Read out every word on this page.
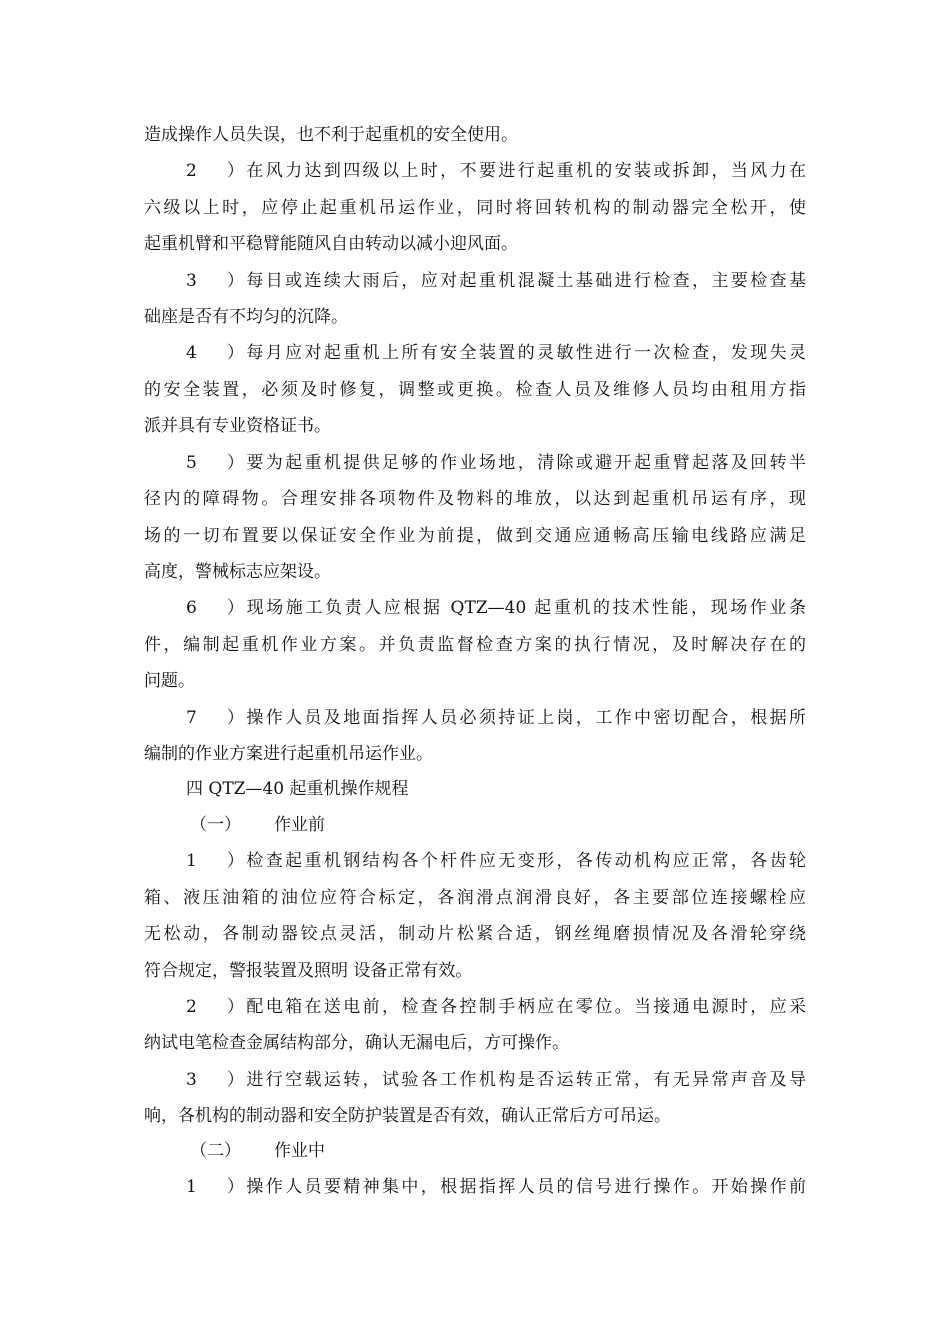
造成操作人员失误，也不利于起重机的安全使用。
2）在风力达到四级以上时，不要进行起重机的安装或拆卸，当风力在
六级以上时，应停止起重机吊运作业，同时将回转机构的制动器完全松开，使
起重机臂和平稳臂能随风自由转动以减小迎风面。
3）每日或连续大雨后，应对起重机混凝土基础进行检查，主要检查基
础座是否有不均匀的沉降。
4）每月应对起重机上所有安全装置的灵敏性进行一次检查，发现失灵
的安全装置，必须及时修复，调整或更换。检查人员及维修人员均由租用方指
派并具有专业资格证书。
5）要为起重机提供足够的作业场地，清除或避开起重臂起落及回转半
径内的障碍物。合理安排各项物件及物料的堆放，以达到起重机吊运有序，现
场的一切布置要以保证安全作业为前提，做到交通应通畅高压输电线路应满足
高度，警械标志应架设。
6）现场施工负责人应根据 QTZ—40 起重机的技术性能，现场作业条
件，编制起重机作业方案。并负责监督检查方案的执行情况，及时解决存在的
问题。
7）操作人员及地面指挥人员必须持证上岗，工作中密切配合，根据所
编制的作业方案进行起重机吊运作业。
四 QTZ—40 起重机操作规程
（一） 作业前
1）检查起重机钢结构各个杆件应无变形，各传动机构应正常，各齿轮
箱、液压油箱的油位应符合标定，各润滑点润滑良好，各主要部位连接螺栓应
无松动，各制动器铰点灵活，制动片松紧合适，钢丝绳磨损情况及各滑轮穿绕
符合规定，警报装置及照明 设备正常有效。
2）配电箱在送电前，检查各控制手柄应在零位。当接通电源时，应采
纳试电笔检查金属结构部分，确认无漏电后，方可操作。
3）进行空载运转，试验各工作机构是否运转正常，有无异常声音及导
响，各机构的制动器和安全防护装置是否有效，确认正常后方可吊运。
（二） 作业中
1）操作人员要精神集中，根据指挥人员的信号进行操作。开始操作前
